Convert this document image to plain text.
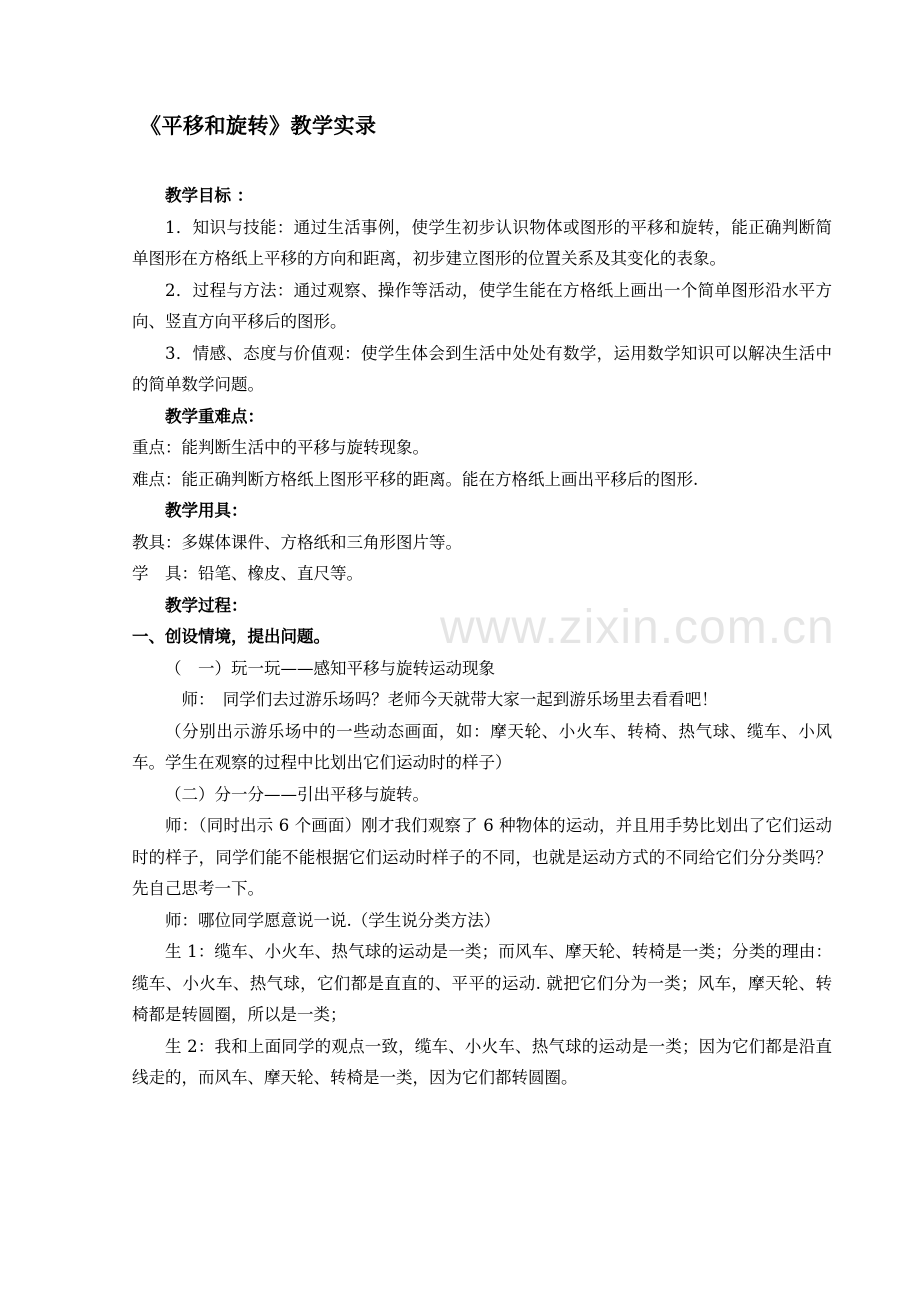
《平移和旋转》教学实录

教学目标 ：

1．知识与技能：通过生活事例，使学生初步认识物体或图形的平移和旋转，能正确判断简单图形在方格纸上平移的方向和距离，初步建立图形的位置关系及其变化的表象。

2．过程与方法：通过观察、操作等活动，使学生能在方格纸上画出一个简单图形沿水平方向、竖直方向平移后的图形。

3．情感、态度与价值观：使学生体会到生活中处处有数学，运用数学知识可以解决生活中的简单数学问题。

教学重难点：

重点：能判断生活中的平移与旋转现象。

难点：能正确判断方格纸上图形平移的距离。能在方格纸上画出平移后的图形.

教学用具：

教具：多媒体课件、方格纸和三角形图片等。

学　具：铅笔、橡皮、直尺等。

教学过程：

一、创设情境，提出问题。

（　一）玩一玩——感知平移与旋转运动现象

　师：　同学们去过游乐场吗？老师今天就带大家一起到游乐场里去看看吧！

（分别出示游乐场中的一些动态画面，如：摩天轮、小火车、转椅、热气球、缆车、小风车。学生在观察的过程中比划出它们运动时的样子）

（二）分一分——引出平移与旋转。

师：（同时出示 6 个画面）刚才我们观察了 6 种物体的运动，并且用手势比划出了它们运动时的样子，同学们能不能根据它们运动时样子的不同，也就是运动方式的不同给它们分分类吗？先自己思考一下。

师：哪位同学愿意说一说.（学生说分类方法）

生 1：缆车、小火车、热气球的运动是一类；而风车、摩天轮、转椅是一类；分类的理由：缆车、小火车、热气球，它们都是直直的、平平的运动. 就把它们分为一类；风车，摩天轮、转椅都是转圆圈，所以是一类；

生 2：我和上面同学的观点一致，缆车、小火车、热气球的运动是一类；因为它们都是沿直线走的，而风车、摩天轮、转椅是一类，因为它们都转圆圈。

www.zixin.com.cn
